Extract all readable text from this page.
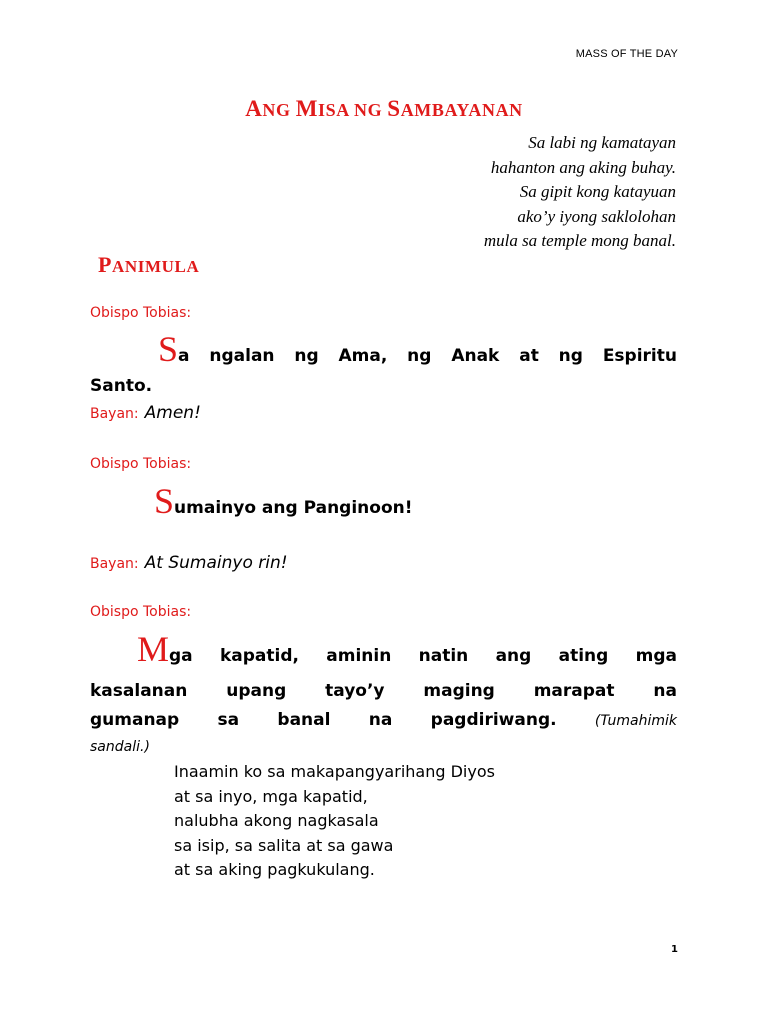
MASS OF THE DAY
ANG MISA NG SAMBAYANAN
Sa labi ng kamatayan
hahanton ang aking buhay.
Sa gipit kong katayuan
ako’y iyong saklolohan
mula sa temple mong banal.
PANIMULA
Obispo Tobias:

Sa ngalan ng Ama, ng Anak at ng Espiritu

Santo.

Bayan: Amen!
Obispo Tobias:

Sumainyo ang Panginoon!

Bayan: At Sumainyo rin!
Obispo Tobias:

Mga kapatid, aminin natin ang ating mga

kasalanan upang tayo’y maging marapat na

gumanap sa banal na pagdiriwang.	(Tumahimik

sandali.)

Inaamin ko sa makapangyarihang Diyos
at sa inyo, mga kapatid,
nalubha akong nagkasala
sa isip, sa salita at sa gawa
at sa aking pagkukulang.
1
